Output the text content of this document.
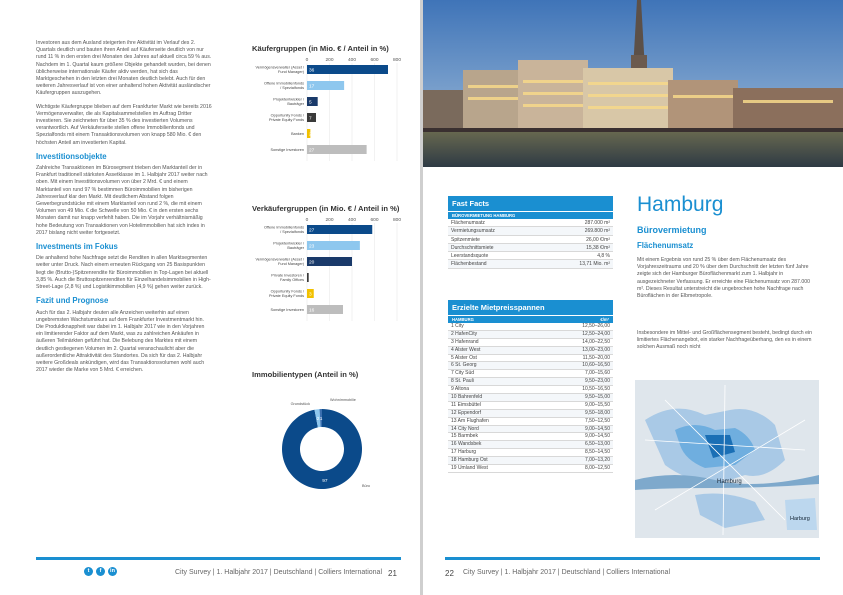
Investoren aus dem Ausland steigerten ihre Aktivität im Verlauf des 2. Quartals deutlich und bauten ihren Anteil auf Käuferseite deutlich von nur rund 11 % in den ersten drei Monaten des Jahres auf aktuell circa 59 % aus. Nachdem im 1. Quartal kaum größere Objekte gehandelt wurden, bei denen üblicherweise internationale Käufer aktiv werden, hat sich das Marktgeschehen in den letzten drei Monaten deutlich belebt. Auch für den weiteren Jahresverlauf ist von einer anhaltend hohen Aktivität ausländischer Käufergruppen auszugehen.

Wichtigste Käufergruppe blieben auf dem Frankfurter Markt wie bereits 2016 Vermögensverwalter, die als Kapitalsammelstellen im Auftrag Dritter investieren. Sie zeichneten für über 35 % des investierten Volumens verantwortlich. Auf Verkäuferseite stellen offene Immobilienfonds und Spezialfonds mit einem Transaktionsvolumen von knapp 580 Mio. € den höchsten Anteil am investierten Kapital.

Investitionsobjekte

Zahlreiche Transaktionen im Bürosegment trieben den Marktanteil der in Frankfurt traditionell stärksten Assetklasse im 1. Halbjahr 2017 weiter nach oben. Mit einem Investitionsvolumen von über 2 Mrd. € und einem Marktanteil von rund 97 % bestimmen Büroimmobilien im bisherigen Jahresverlauf klar den Markt. Mit deutlichem Abstand folgen Gewerbegrundstücke mit einem Marktanteil von rund 2 %, die mit einem Volumen von 49 Mio. € die Schwelle von 50 Mio. € in den ersten sechs Monaten damit nur knapp verfehlt haben. Die im Vorjahr verhältnismäßig hohe Bedeutung von Transaktionen von Hotelimmobilien hat sich indes in 2017 bislang nicht weiter fortgesetzt.

Investments im Fokus

Die anhaltend hohe Nachfrage setzt die Renditen in allen Marktsegmenten weiter unter Druck. Nach einem erneuten Rückgang von 25 Basispunkten liegt die (Brutto-)Spitzenrendite für Büroimmobilien in Top-Lagen bei aktuell 3,85 %. Auch die Bruttospitzenrenditen für Einzelhandelsimmobilien in High-Street-Lage (2,8 %) und Logistikimmobilien (4,9 %) gehen weiter zurück.

Fazit und Prognose

Auch für das 2. Halbjahr deuten alle Anzeichen weiterhin auf einen ungebremsten Wachstumskurs auf dem Frankfurter Investmentmarkt hin. Die Produktknappheit war dabei im 1. Halbjahr 2017 wie in den Vorjahren ein limitierender Faktor auf dem Markt, was zu zahlreichen Ankäufen in äußeren Teilmärkten geführt hat. Die Belebung des Marktes mit einem deutlich gestiegenen Volumen im 2. Quartal veranschaulicht aber die außerordentliche Attraktivität des Standortes. Da sich für das 2. Halbjahr weitere Großdeals ankündigen, wird das Transaktionsvolumen wohl auch 2017 wieder die Marke von 5 Mrd. € erreichen.

Käufergruppen (in Mio. € / Anteil in %)
0	200	400	600	800
Vermögensverwalter (Asset / Fund Manager) 36
Offene Immobilienfonds / Spezialfonds 17
Projektentwickler / Bauträger 5
Opportunity Fonds / Private Equity Fonds 7
Banken 2
Sonstige Investoren 27
Verkäufergruppen (in Mio. € / Anteil in %)
0	200	400	600	800
Offene Immobilienfonds / Spezialfonds 27
Projektentwickler / Bauträger 23
Vermögensverwalter (Asset / Fund Manager) 20
Private Investoren / Family Offices 1
Opportunity Fonds / Private Equity Fonds 3
Sonstige Investoren 16
Immobilientypen (Anteil in %)
97
2 1
Büro
Grundstück
Wohnimmobilie
t	f	in	City Survey | 1. Halbjahr 2017 | Deutschland | Colliers International 21
Fast Facts
BÜROVERMIETUNG HAMBURG
Flächenumsatz	287.000 m²
Vermietungsumsatz	269.800 m²
Spitzenmiete	26,00 €/m²
Durchschnittsmiete	15,38 €/m²
Leerstandsquote	4,8 %
Flächenbestand	13,71 Mio. m²
Erzielte Mietpreisspannen
HAMBURG	€/m²
1 City	12,50–26,00
2 HafenCity	12,50–24,00
3 Hafenrand	14,00–22,50
4 Alster West	13,00–23,00
5 Alster Ost	11,50–20,00
6 St. Georg	10,60–16,50
7 City Süd	7,00–15,60
8 St. Pauli	9,50–23,00
9 Altona	10,50–16,50
10 Bahrenfeld	9,50–15,00
11 Eimsbüttel	9,00–15,50
12 Eppendorf	9,50–18,00
13 Am Flughafen	7,50–12,50
14 City Nord	9,00–14,50
15 Barmbek	9,00–14,50
16 Wandsbek	6,50–13,00
17 Harburg	8,50–14,50
18 Hamburg Ost	7,00–13,20
19 Umland West	8,00–12,50
Hamburg
Bürovermietung
Flächenumsatz
Mit einem Ergebnis von rund 25 % über dem Flächenumsatz des Vorjahreszeitraums und 20 % über dem Durchschnitt der letzten fünf Jahre zeigte sich der Hamburger Büroflächenmarkt zum 1. Halbjahr in ausgezeichneter Verfassung. Er erreichte eine Flächenumsatz von 287.000 m². Dieses Resultat unterstreicht die ungebrochen hohe Nachfrage nach Büroflächen in der Elbmetropole.
Insbesondere im Mittel- und Großflächensegment besteht, bedingt durch ein limitiertes Flächenangebot, ein starker Nachfrageüberhang, den es in einem solchen Ausmaß noch nicht
Hamburg
Harburg
22 City Survey | 1. Halbjahr 2017 | Deutschland | Colliers International
